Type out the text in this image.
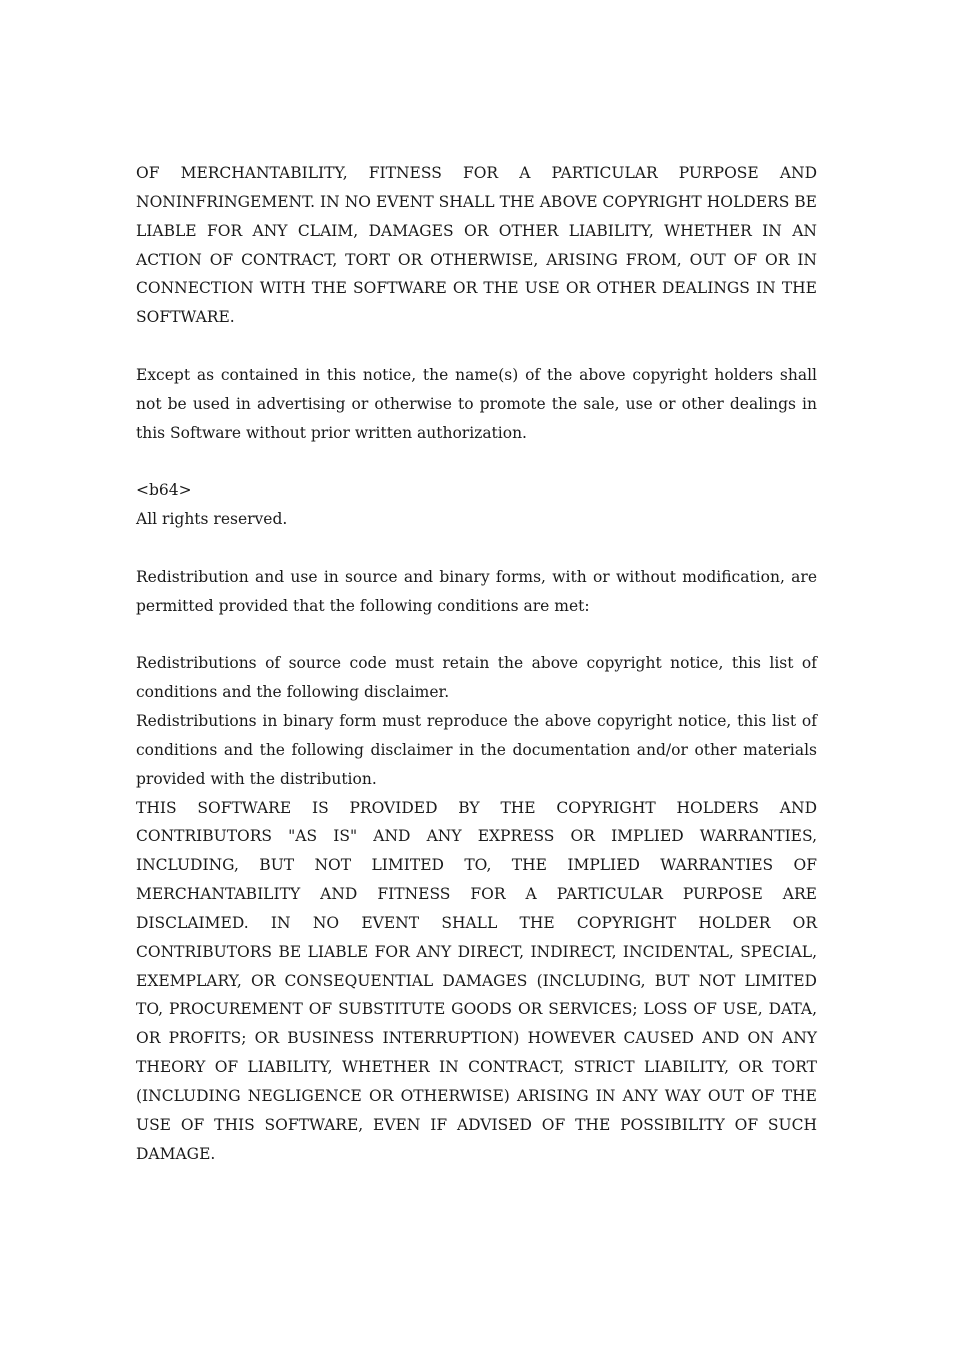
OF MERCHANTABILITY, FITNESS FOR A PARTICULAR PURPOSE AND NONINFRINGEMENT. IN NO EVENT SHALL THE ABOVE COPYRIGHT HOLDERS BE LIABLE FOR ANY CLAIM, DAMAGES OR OTHER LIABILITY, WHETHER IN AN ACTION OF CONTRACT, TORT OR OTHERWISE, ARISING FROM, OUT OF OR IN CONNECTION WITH THE SOFTWARE OR THE USE OR OTHER DEALINGS IN THE SOFTWARE.

Except as contained in this notice, the name(s) of the above copyright holders shall not be used in advertising or otherwise to promote the sale, use or other dealings in this Software without prior written authorization.

<b64>

All rights reserved.

Redistribution and use in source and binary forms, with or without modification, are permitted provided that the following conditions are met:

Redistributions of source code must retain the above copyright notice, this list of conditions and the following disclaimer.

Redistributions in binary form must reproduce the above copyright notice, this list of conditions and the following disclaimer in the documentation and/or other materials provided with the distribution.

THIS SOFTWARE IS PROVIDED BY THE COPYRIGHT HOLDERS AND CONTRIBUTORS "AS IS" AND ANY EXPRESS OR IMPLIED WARRANTIES, INCLUDING, BUT NOT LIMITED TO, THE IMPLIED WARRANTIES OF MERCHANTABILITY AND FITNESS FOR A PARTICULAR PURPOSE ARE DISCLAIMED. IN NO EVENT SHALL THE COPYRIGHT HOLDER OR CONTRIBUTORS BE LIABLE FOR ANY DIRECT, INDIRECT, INCIDENTAL, SPECIAL, EXEMPLARY, OR CONSEQUENTIAL DAMAGES (INCLUDING, BUT NOT LIMITED TO, PROCUREMENT OF SUBSTITUTE GOODS OR SERVICES; LOSS OF USE, DATA, OR PROFITS; OR BUSINESS INTERRUPTION) HOWEVER CAUSED AND ON ANY THEORY OF LIABILITY, WHETHER IN CONTRACT, STRICT LIABILITY, OR TORT (INCLUDING NEGLIGENCE OR OTHERWISE) ARISING IN ANY WAY OUT OF THE USE OF THIS SOFTWARE, EVEN IF ADVISED OF THE POSSIBILITY OF SUCH DAMAGE.
